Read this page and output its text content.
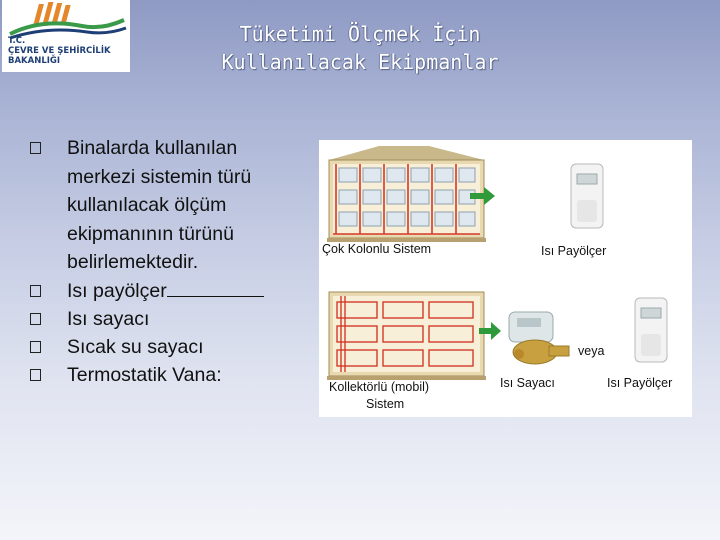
T.C.
ÇEVRE VE ŞEHİRCİLİK
BAKANLIĞI
Tüketimi Ölçmek İçin
Kullanılacak Ekipmanlar
Binalarda kullanılan
merkezi sistemin türü
kullanılacak ölçüm
ekipmanının türünü
belirlemektedir.
Isı payölçer
Isı sayacı
Sıcak su sayacı
Termostatik Vana:
Çok Kolonlu Sistem	Isı Payölçer
Kollektörlü (mobil)
Sistem
veya
Isı Sayacı	Isı Payölçer
